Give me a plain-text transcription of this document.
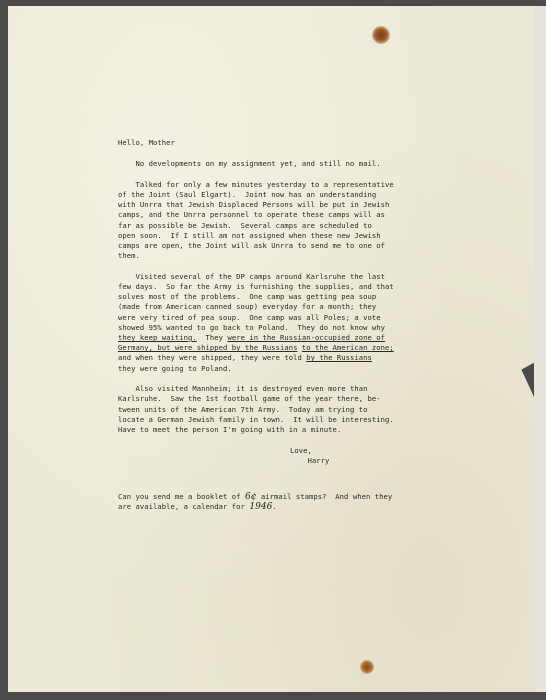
Hello, Mother
No developments on my assignment yet, and still no mail.
Talked for only a few minutes yesterday to a representative
of the Joint (Saul Elgart).  Joint now has an understanding
with Unrra that Jewish Displaced Persons will be put in Jewish
camps, and the Unrra personnel to operate these camps will as
far as possible be Jewish.  Several camps are scheduled to
open soon.  If I still am not assigned when these new Jewish
camps are open, the Joint will ask Unrra to send me to one of
them.
Visited several of the DP camps around Karlsruhe the last
few days.  So far the Army is furnishing the supplies, and that
solves most of the problems.  One camp was getting pea soup
(made from American canned soup) everyday for a month; they
were very tired of pea soup.  One camp was all Poles; a vote
showed 95% wanted to go back to Poland.  They do not know why
they keep waiting.  They were in the Russian-occupied zone of
Germany, but were shipped by the Russians to the American zone;
and when they were shipped, they were told by the Russians
they were going to Poland.
Also visited Mannheim; it is destroyed even more than
Karlsruhe.  Saw the 1st football game of the year there, be-
tween units of the American 7th Army.  Today am trying to
locate a German Jewish family in town.  It will be interesting.
Have to meet the person I'm going with in a minute.
Love,
Harry
Can you send me a booklet of 6¢ airmail stamps?  And when they
are available, a calendar for 1946.
